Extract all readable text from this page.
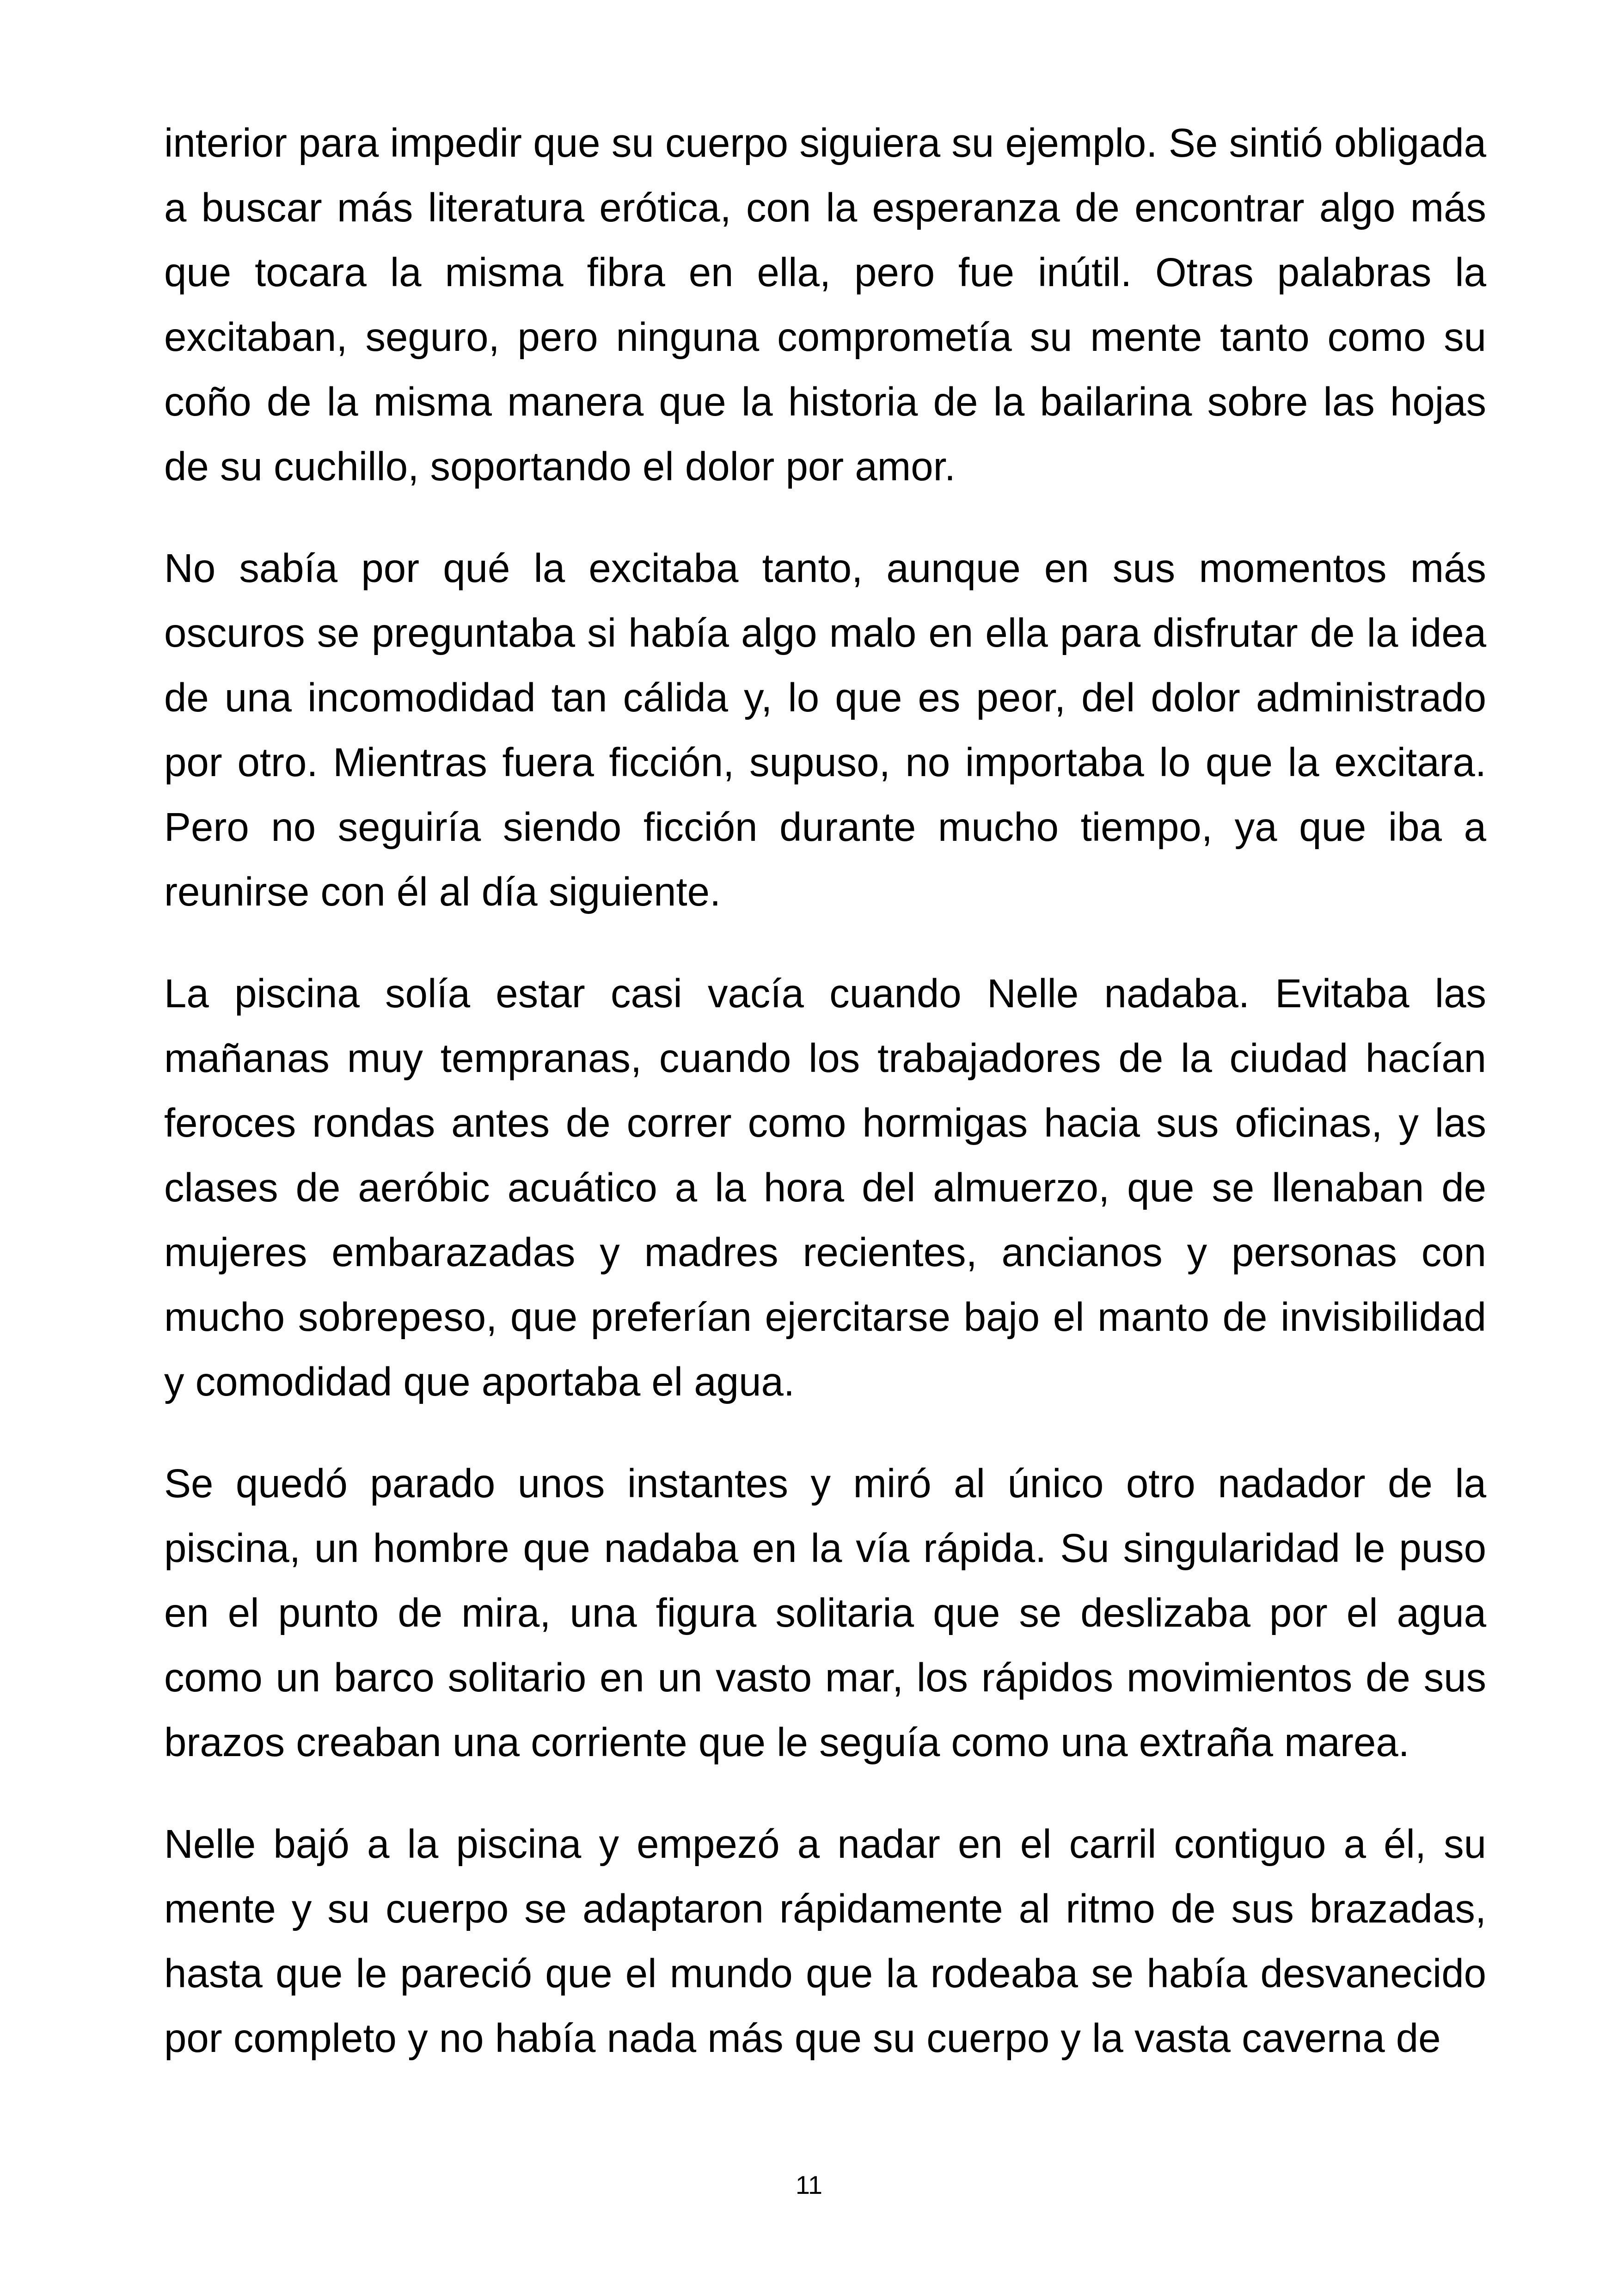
interior para impedir que su cuerpo siguiera su ejemplo. Se sintió obligada a buscar más literatura erótica, con la esperanza de encontrar algo más que tocara la misma fibra en ella, pero fue inútil. Otras palabras la excitaban, seguro, pero ninguna comprometía su mente tanto como su coño de la misma manera que la historia de la bailarina sobre las hojas de su cuchillo, soportando el dolor por amor.

No sabía por qué la excitaba tanto, aunque en sus momentos más oscuros se preguntaba si había algo malo en ella para disfrutar de la idea de una incomodidad tan cálida y, lo que es peor, del dolor administrado por otro. Mientras fuera ficción, supuso, no importaba lo que la excitara. Pero no seguiría siendo ficción durante mucho tiempo, ya que iba a reunirse con él al día siguiente.

La piscina solía estar casi vacía cuando Nelle nadaba. Evitaba las mañanas muy tempranas, cuando los trabajadores de la ciudad hacían feroces rondas antes de correr como hormigas hacia sus oficinas, y las clases de aeróbic acuático a la hora del almuerzo, que se llenaban de mujeres embarazadas y madres recientes, ancianos y personas con mucho sobrepeso, que preferían ejercitarse bajo el manto de invisibilidad y comodidad que aportaba el agua.

Se quedó parado unos instantes y miró al único otro nadador de la piscina, un hombre que nadaba en la vía rápida. Su singularidad le puso en el punto de mira, una figura solitaria que se deslizaba por el agua como un barco solitario en un vasto mar, los rápidos movimientos de sus brazos creaban una corriente que le seguía como una extraña marea.

Nelle bajó a la piscina y empezó a nadar en el carril contiguo a él, su mente y su cuerpo se adaptaron rápidamente al ritmo de sus brazadas, hasta que le pareció que el mundo que la rodeaba se había desvanecido por completo y no había nada más que su cuerpo y la vasta caverna de

11
